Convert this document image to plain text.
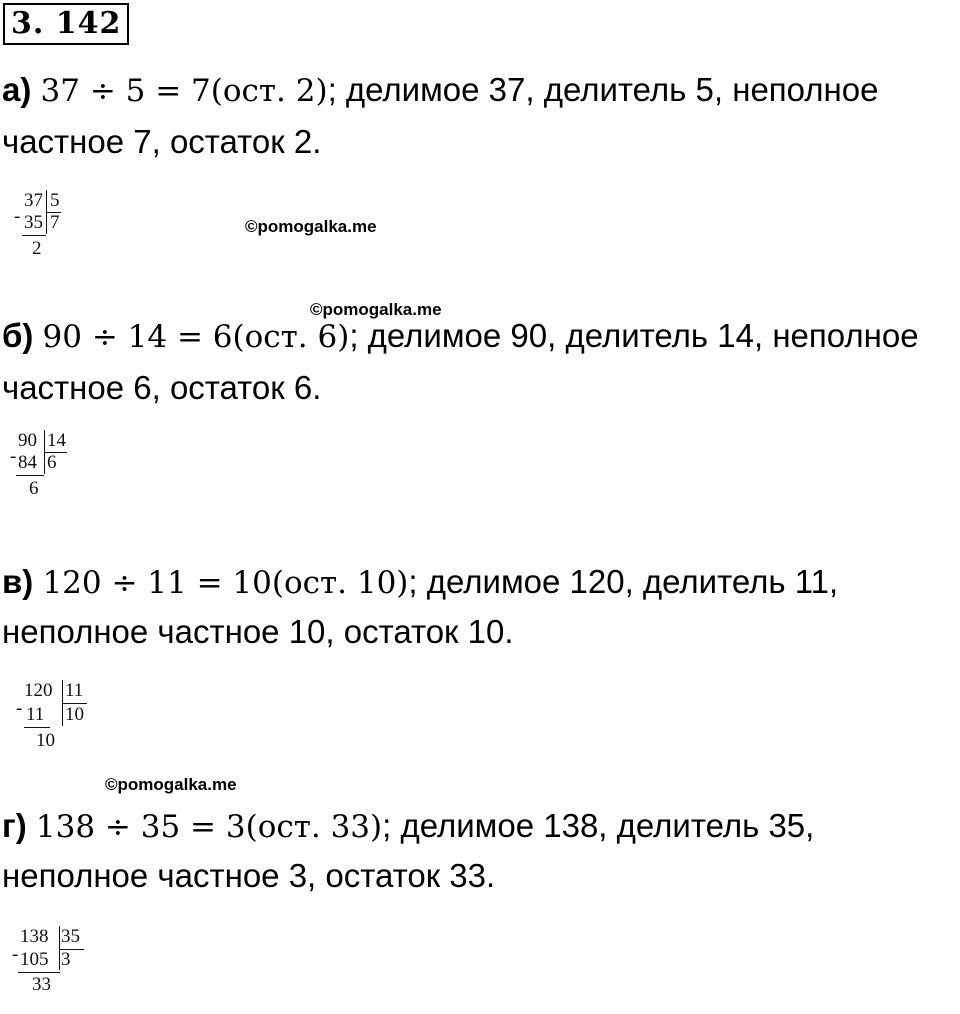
3. 142
а) 37 ÷ 5 = 7(ост. 2); делимое 37, делитель 5, неполное
частное 7, остаток 2.
37 5
- 35 7
2
©pomogalka.me
©pomogalka.me
б) 90 ÷ 14 = 6(ост. 6); делимое 90, делитель 14, неполное
частное 6, остаток 6.
90 14
- 84 6
6
в) 120 ÷ 11 = 10(ост. 10); делимое 120, делитель 11,
неполное частное 10, остаток 10.
120 11
- 11 10
10
©pomogalka.me
г) 138 ÷ 35 = 3(ост. 33); делимое 138, делитель 35,
неполное частное 3, остаток 33.
138 35
- 105 3
33
